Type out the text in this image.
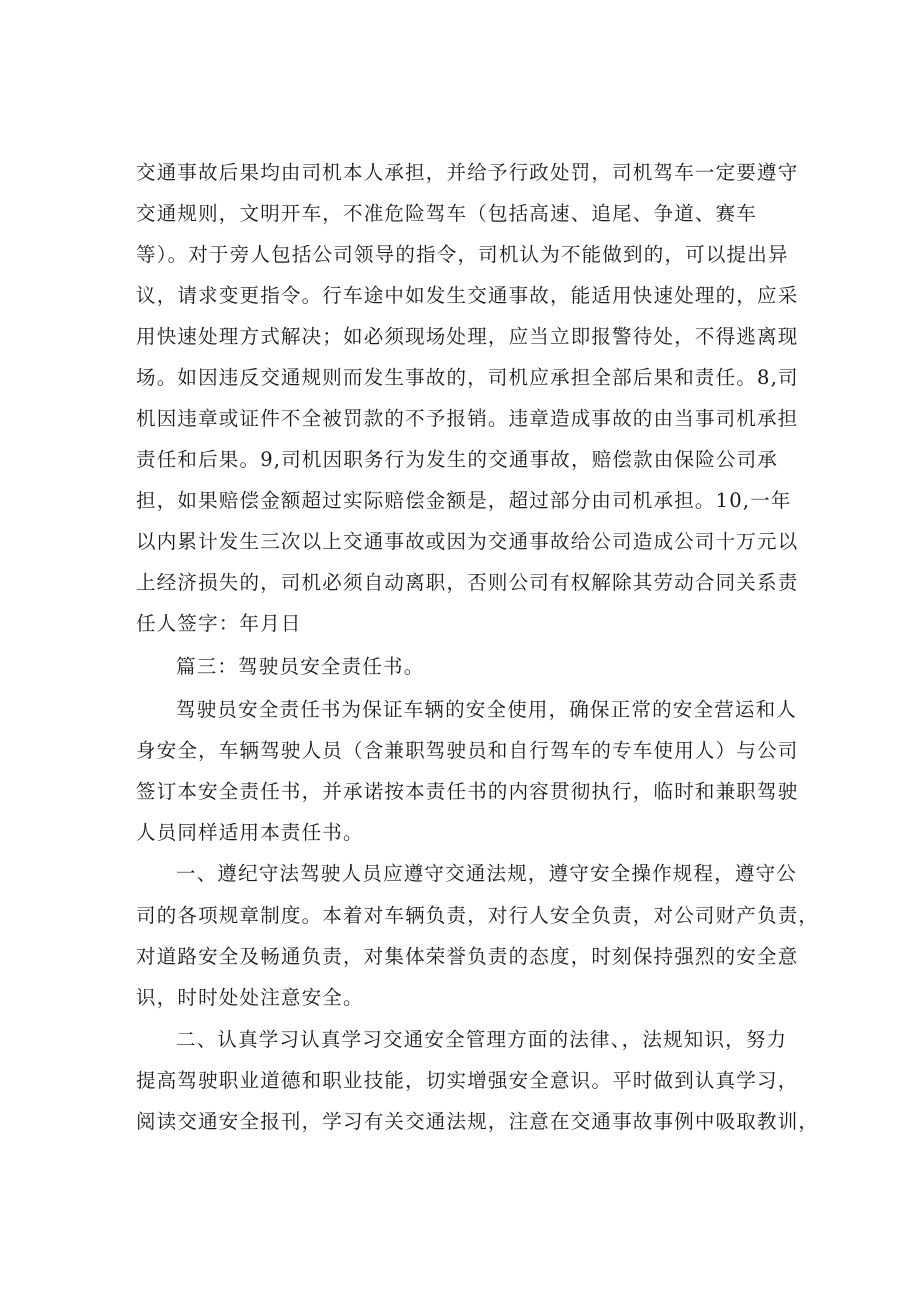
交通事故后果均由司机本人承担，并给予行政处罚，司机驾车一定要遵守
交通规则，文明开车，不准危险驾车（包括高速、追尾、争道、赛车
等）。对于旁人包括公司领导的指令，司机认为不能做到的，可以提出异
议，请求变更指令。行车途中如发生交通事故，能适用快速处理的，应采
用快速处理方式解决；如必须现场处理，应当立即报警待处，不得逃离现
场。如因违反交通规则而发生事故的，司机应承担全部后果和责任。8,司
机因违章或证件不全被罚款的不予报销。违章造成事故的由当事司机承担
责任和后果。9,司机因职务行为发生的交通事故，赔偿款由保险公司承
担，如果赔偿金额超过实际赔偿金额是，超过部分由司机承担。10,一年
以内累计发生三次以上交通事故或因为交通事故给公司造成公司十万元以
上经济损失的，司机必须自动离职，否则公司有权解除其劳动合同关系责
任人签字：年月日
篇三：驾驶员安全责任书。
驾驶员安全责任书为保证车辆的安全使用，确保正常的安全营运和人
身安全，车辆驾驶人员（含兼职驾驶员和自行驾车的专车使用人）与公司
签订本安全责任书，并承诺按本责任书的内容贯彻执行，临时和兼职驾驶
人员同样适用本责任书。
一、遵纪守法驾驶人员应遵守交通法规，遵守安全操作规程，遵守公
司的各项规章制度。本着对车辆负责，对行人安全负责，对公司财产负责，
对道路安全及畅通负责，对集体荣誉负责的态度，时刻保持强烈的安全意
识，时时处处注意安全。
二、认真学习认真学习交通安全管理方面的法律、，法规知识，努力
提高驾驶职业道德和职业技能，切实增强安全意识。平时做到认真学习，
阅读交通安全报刊，学习有关交通法规，注意在交通事故事例中吸取教训，
